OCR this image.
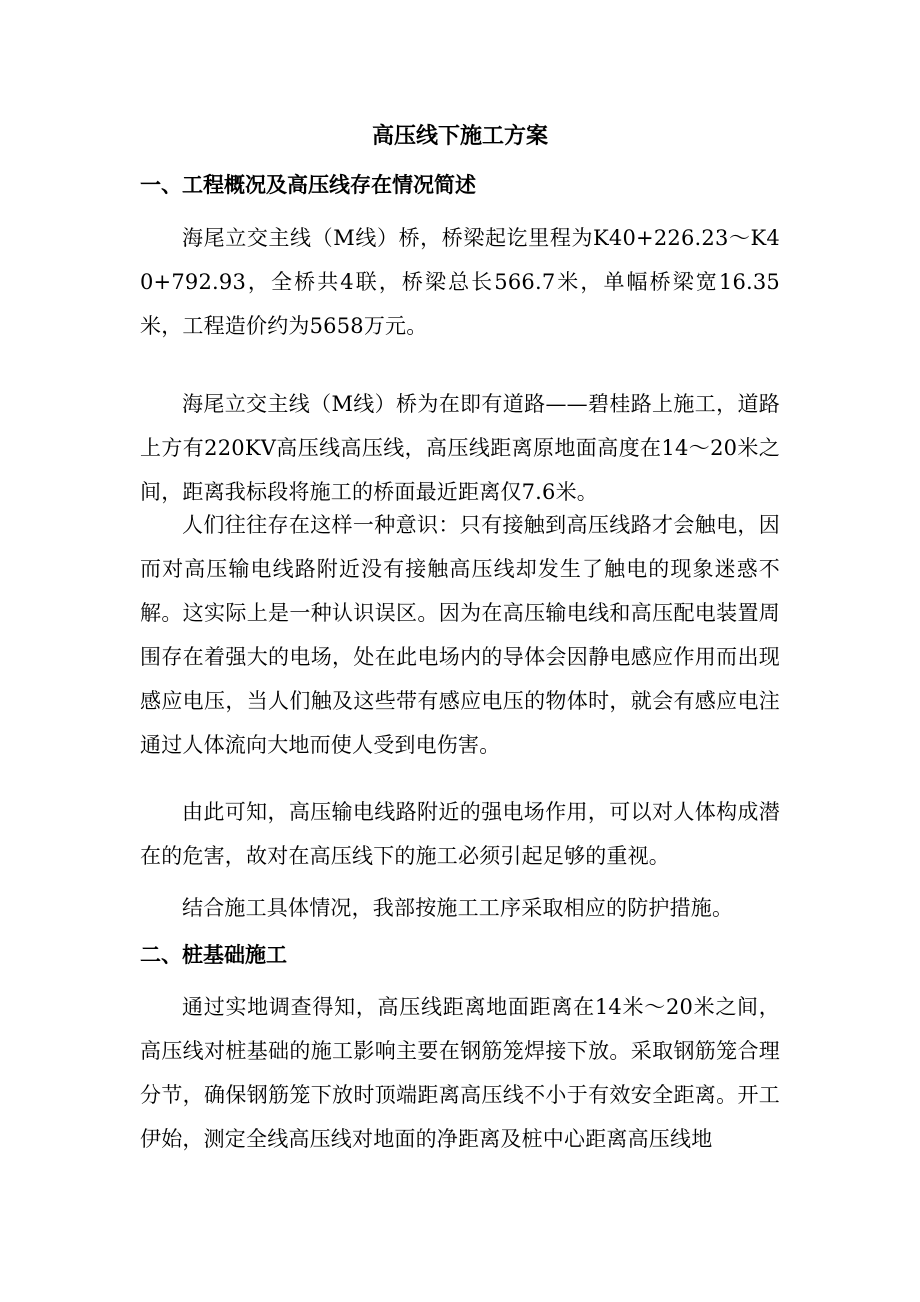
高压线下施工方案
一、工程概况及高压线存在情况简述

海尾立交主线（M线）桥，桥梁起讫里程为K40+226.23～K40+792.93，全桥共4联，桥梁总长566.7米，单幅桥梁宽16.35米，工程造价约为5658万元。

海尾立交主线（M线）桥为在即有道路——碧桂路上施工，道路上方有220KV高压线高压线，高压线距离原地面高度在14～20米之间，距离我标段将施工的桥面最近距离仅7.6米。

人们往往存在这样一种意识：只有接触到高压线路才会触电，因而对高压输电线路附近没有接触高压线却发生了触电的现象迷惑不解。这实际上是一种认识误区。因为在高压输电线和高压配电装置周围存在着强大的电场，处在此电场内的导体会因静电感应作用而出现感应电压，当人们触及这些带有感应电压的物体时，就会有感应电注通过人体流向大地而使人受到电伤害。

由此可知，高压输电线路附近的强电场作用，可以对人体构成潜在的危害，故对在高压线下的施工必须引起足够的重视。

结合施工具体情况，我部按施工工序采取相应的防护措施。

二、桩基础施工

通过实地调查得知，高压线距离地面距离在14米～20米之间，高压线对桩基础的施工影响主要在钢筋笼焊接下放。采取钢筋笼合理分节，确保钢筋笼下放时顶端距离高压线不小于有效安全距离。开工伊始，测定全线高压线对地面的净距离及桩中心距离高压线地
